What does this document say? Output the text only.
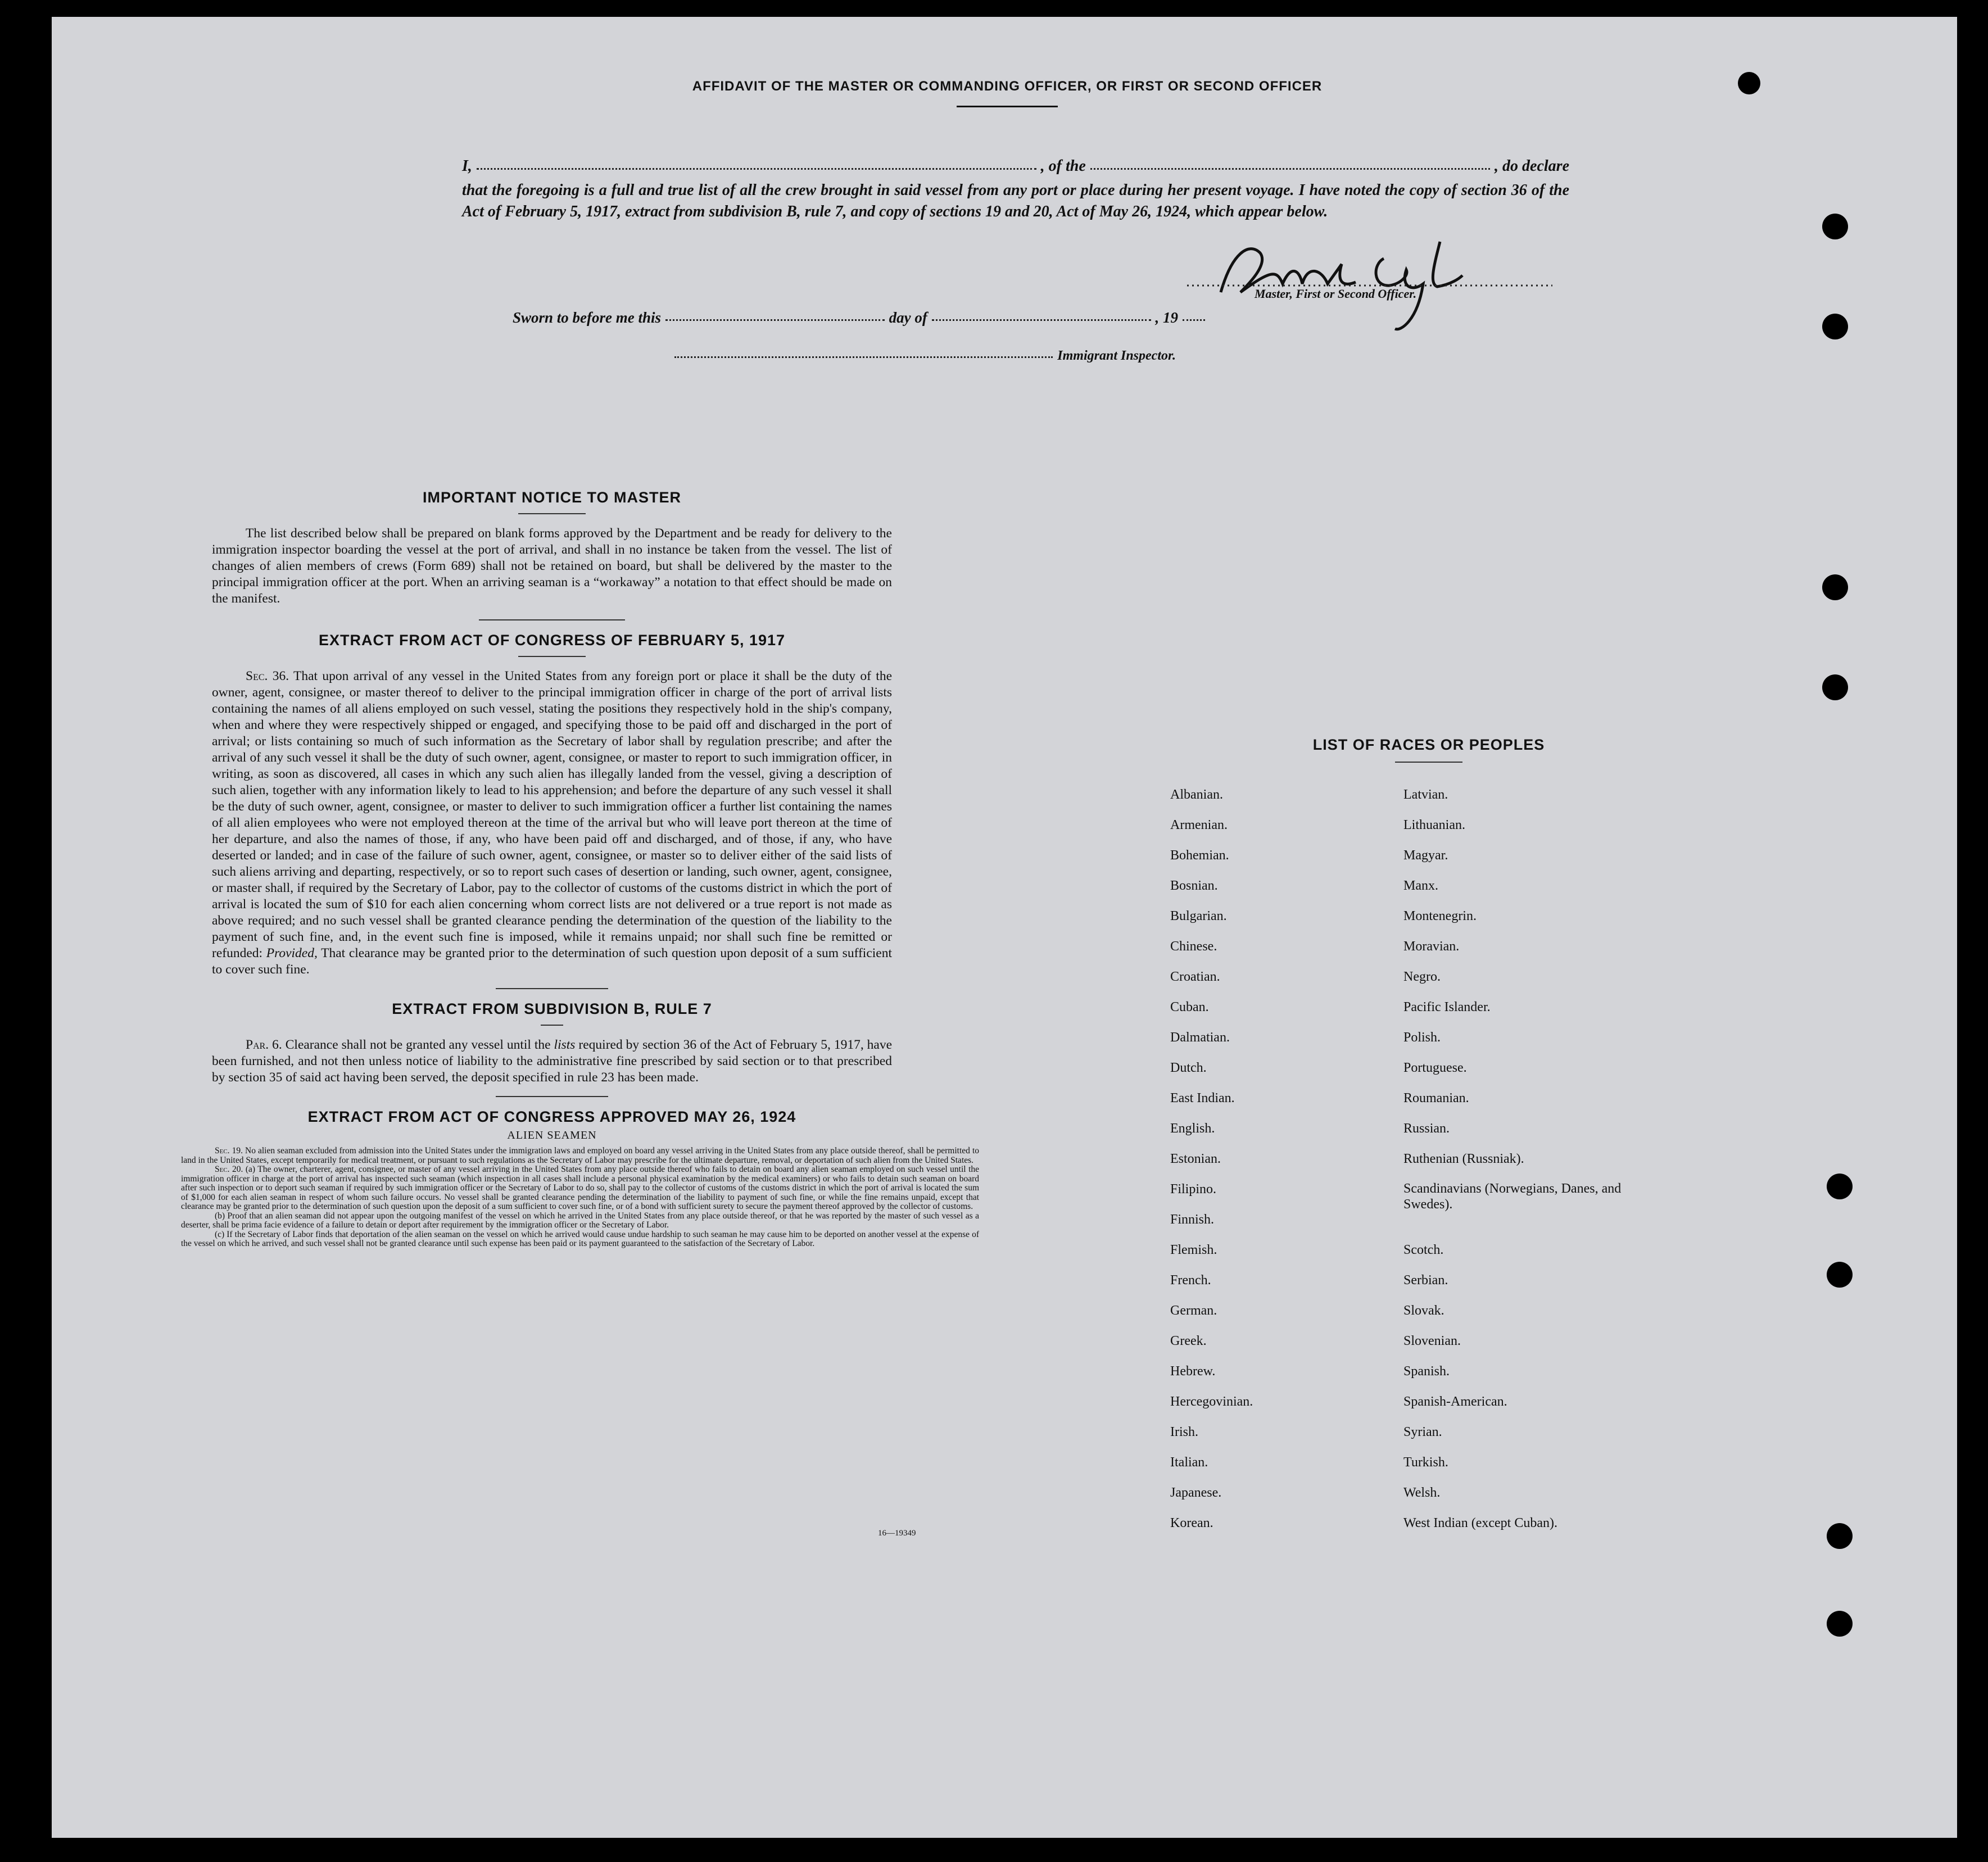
AFFIDAVIT OF THE MASTER OR COMMANDING OFFICER, OR FIRST OR SECOND OFFICER
I,	, of the	, do declare

that the foregoing is a full and true list of all the crew brought in said vessel from any port or place during her present voyage. I have noted the copy of section 36 of the Act of February 5, 1917, extract from subdivision B, rule 7, and copy of sections 19 and 20, Act of May 26, 1924, which appear below.

Master, First or Second Officer.
Sworn to before me this	day of	, 19
Immigrant Inspector.
IMPORTANT NOTICE TO MASTER

The list described below shall be prepared on blank forms approved by the Department and be ready for delivery to the immigration inspector boarding the vessel at the port of arrival, and shall in no instance be taken from the vessel. The list of changes of alien members of crews (Form 689) shall not be retained on board, but shall be delivered by the master to the principal immigration officer at the port. When an arriving seaman is a “workaway” a notation to that effect should be made on the manifest.

EXTRACT FROM ACT OF CONGRESS OF FEBRUARY 5, 1917

Sec. 36. That upon arrival of any vessel in the United States from any foreign port or place it shall be the duty of the owner, agent, consignee, or master thereof to deliver to the principal immigration officer in charge of the port of arrival lists containing the names of all aliens employed on such vessel, stating the positions they respectively hold in the ship's company, when and where they were respectively shipped or engaged, and specifying those to be paid off and discharged in the port of arrival; or lists containing so much of such information as the Secretary of labor shall by regulation prescribe; and after the arrival of any such vessel it shall be the duty of such owner, agent, consignee, or master to report to such immigration officer, in writing, as soon as discovered, all cases in which any such alien has illegally landed from the vessel, giving a description of such alien, together with any information likely to lead to his apprehension; and before the departure of any such vessel it shall be the duty of such owner, agent, consignee, or master to deliver to such immigration officer a further list containing the names of all alien employees who were not employed thereon at the time of the arrival but who will leave port thereon at the time of her departure, and also the names of those, if any, who have been paid off and discharged, and of those, if any, who have deserted or landed; and in case of the failure of such owner, agent, consignee, or master so to deliver either of the said lists of such aliens arriving and departing, respectively, or so to report such cases of desertion or landing, such owner, agent, consignee, or master shall, if required by the Secretary of Labor, pay to the collector of customs of the customs district in which the port of arrival is located the sum of $10 for each alien concerning whom correct lists are not delivered or a true report is not made as above required; and no such vessel shall be granted clearance pending the determination of the question of the liability to the payment of such fine, and, in the event such fine is imposed, while it remains unpaid; nor shall such fine be remitted or refunded: Provided, That clearance may be granted prior to the determination of such question upon deposit of a sum sufficient to cover such fine.

EXTRACT FROM SUBDIVISION B, RULE 7

Par. 6. Clearance shall not be granted any vessel until the lists required by section 36 of the Act of February 5, 1917, have been furnished, and not then unless notice of liability to the administrative fine prescribed by said section or to that prescribed by section 35 of said act having been served, the deposit specified in rule 23 has been made.

EXTRACT FROM ACT OF CONGRESS APPROVED MAY 26, 1924
ALIEN SEAMEN

Sec. 19. No alien seaman excluded from admission into the United States under the immigration laws and employed on board any vessel arriving in the United States from any place outside thereof, shall be permitted to land in the United States, except temporarily for medical treatment, or pursuant to such regulations as the Secretary of Labor may prescribe for the ultimate departure, removal, or deportation of such alien from the United States.

Sec. 20. (a) The owner, charterer, agent, consignee, or master of any vessel arriving in the United States from any place outside thereof who fails to detain on board any alien seaman employed on such vessel until the immigration officer in charge at the port of arrival has inspected such seaman (which inspection in all cases shall include a personal physical examination by the medical examiners) or who fails to detain such seaman on board after such inspection or to deport such seaman if required by such immigration officer or the Secretary of Labor to do so, shall pay to the collector of customs of the customs district in which the port of arrival is located the sum of $1,000 for each alien seaman in respect of whom such failure occurs. No vessel shall be granted clearance pending the determination of the liability to payment of such fine, or while the fine remains unpaid, except that clearance may be granted prior to the determination of such question upon the deposit of a sum sufficient to cover such fine, or of a bond with sufficient surety to secure the payment thereof approved by the collector of customs.

(b) Proof that an alien seaman did not appear upon the outgoing manifest of the vessel on which he arrived in the United States from any place outside thereof, or that he was reported by the master of such vessel as a deserter, shall be prima facie evidence of a failure to detain or deport after requirement by the immigration officer or the Secretary of Labor.

(c) If the Secretary of Labor finds that deportation of the alien seaman on the vessel on which he arrived would cause undue hardship to such seaman he may cause him to be deported on another vessel at the expense of the vessel on which he arrived, and such vessel shall not be granted clearance until such expense has been paid or its payment guaranteed to the satisfaction of the Secretary of Labor.

16—19349
LIST OF RACES OR PEOPLES
Albanian.	Latvian.
Armenian.	Lithuanian.
Bohemian.	Magyar.
Bosnian.	Manx.
Bulgarian.	Montenegrin.
Chinese.	Moravian.
Croatian.	Negro.
Cuban.	Pacific Islander.
Dalmatian.	Polish.
Dutch.	Portuguese.
East Indian.	Roumanian.
English.	Russian.
Estonian.	Ruthenian (Russniak).
Filipino.	Scandinavians (Norwegians, Danes, and Swedes).
Finnish.
Flemish.	Scotch.
French.	Serbian.
German.	Slovak.
Greek.	Slovenian.
Hebrew.	Spanish.
Hercegovinian.	Spanish-American.
Irish.	Syrian.
Italian.	Turkish.
Japanese.	Welsh.
Korean.	West Indian (except Cuban).
